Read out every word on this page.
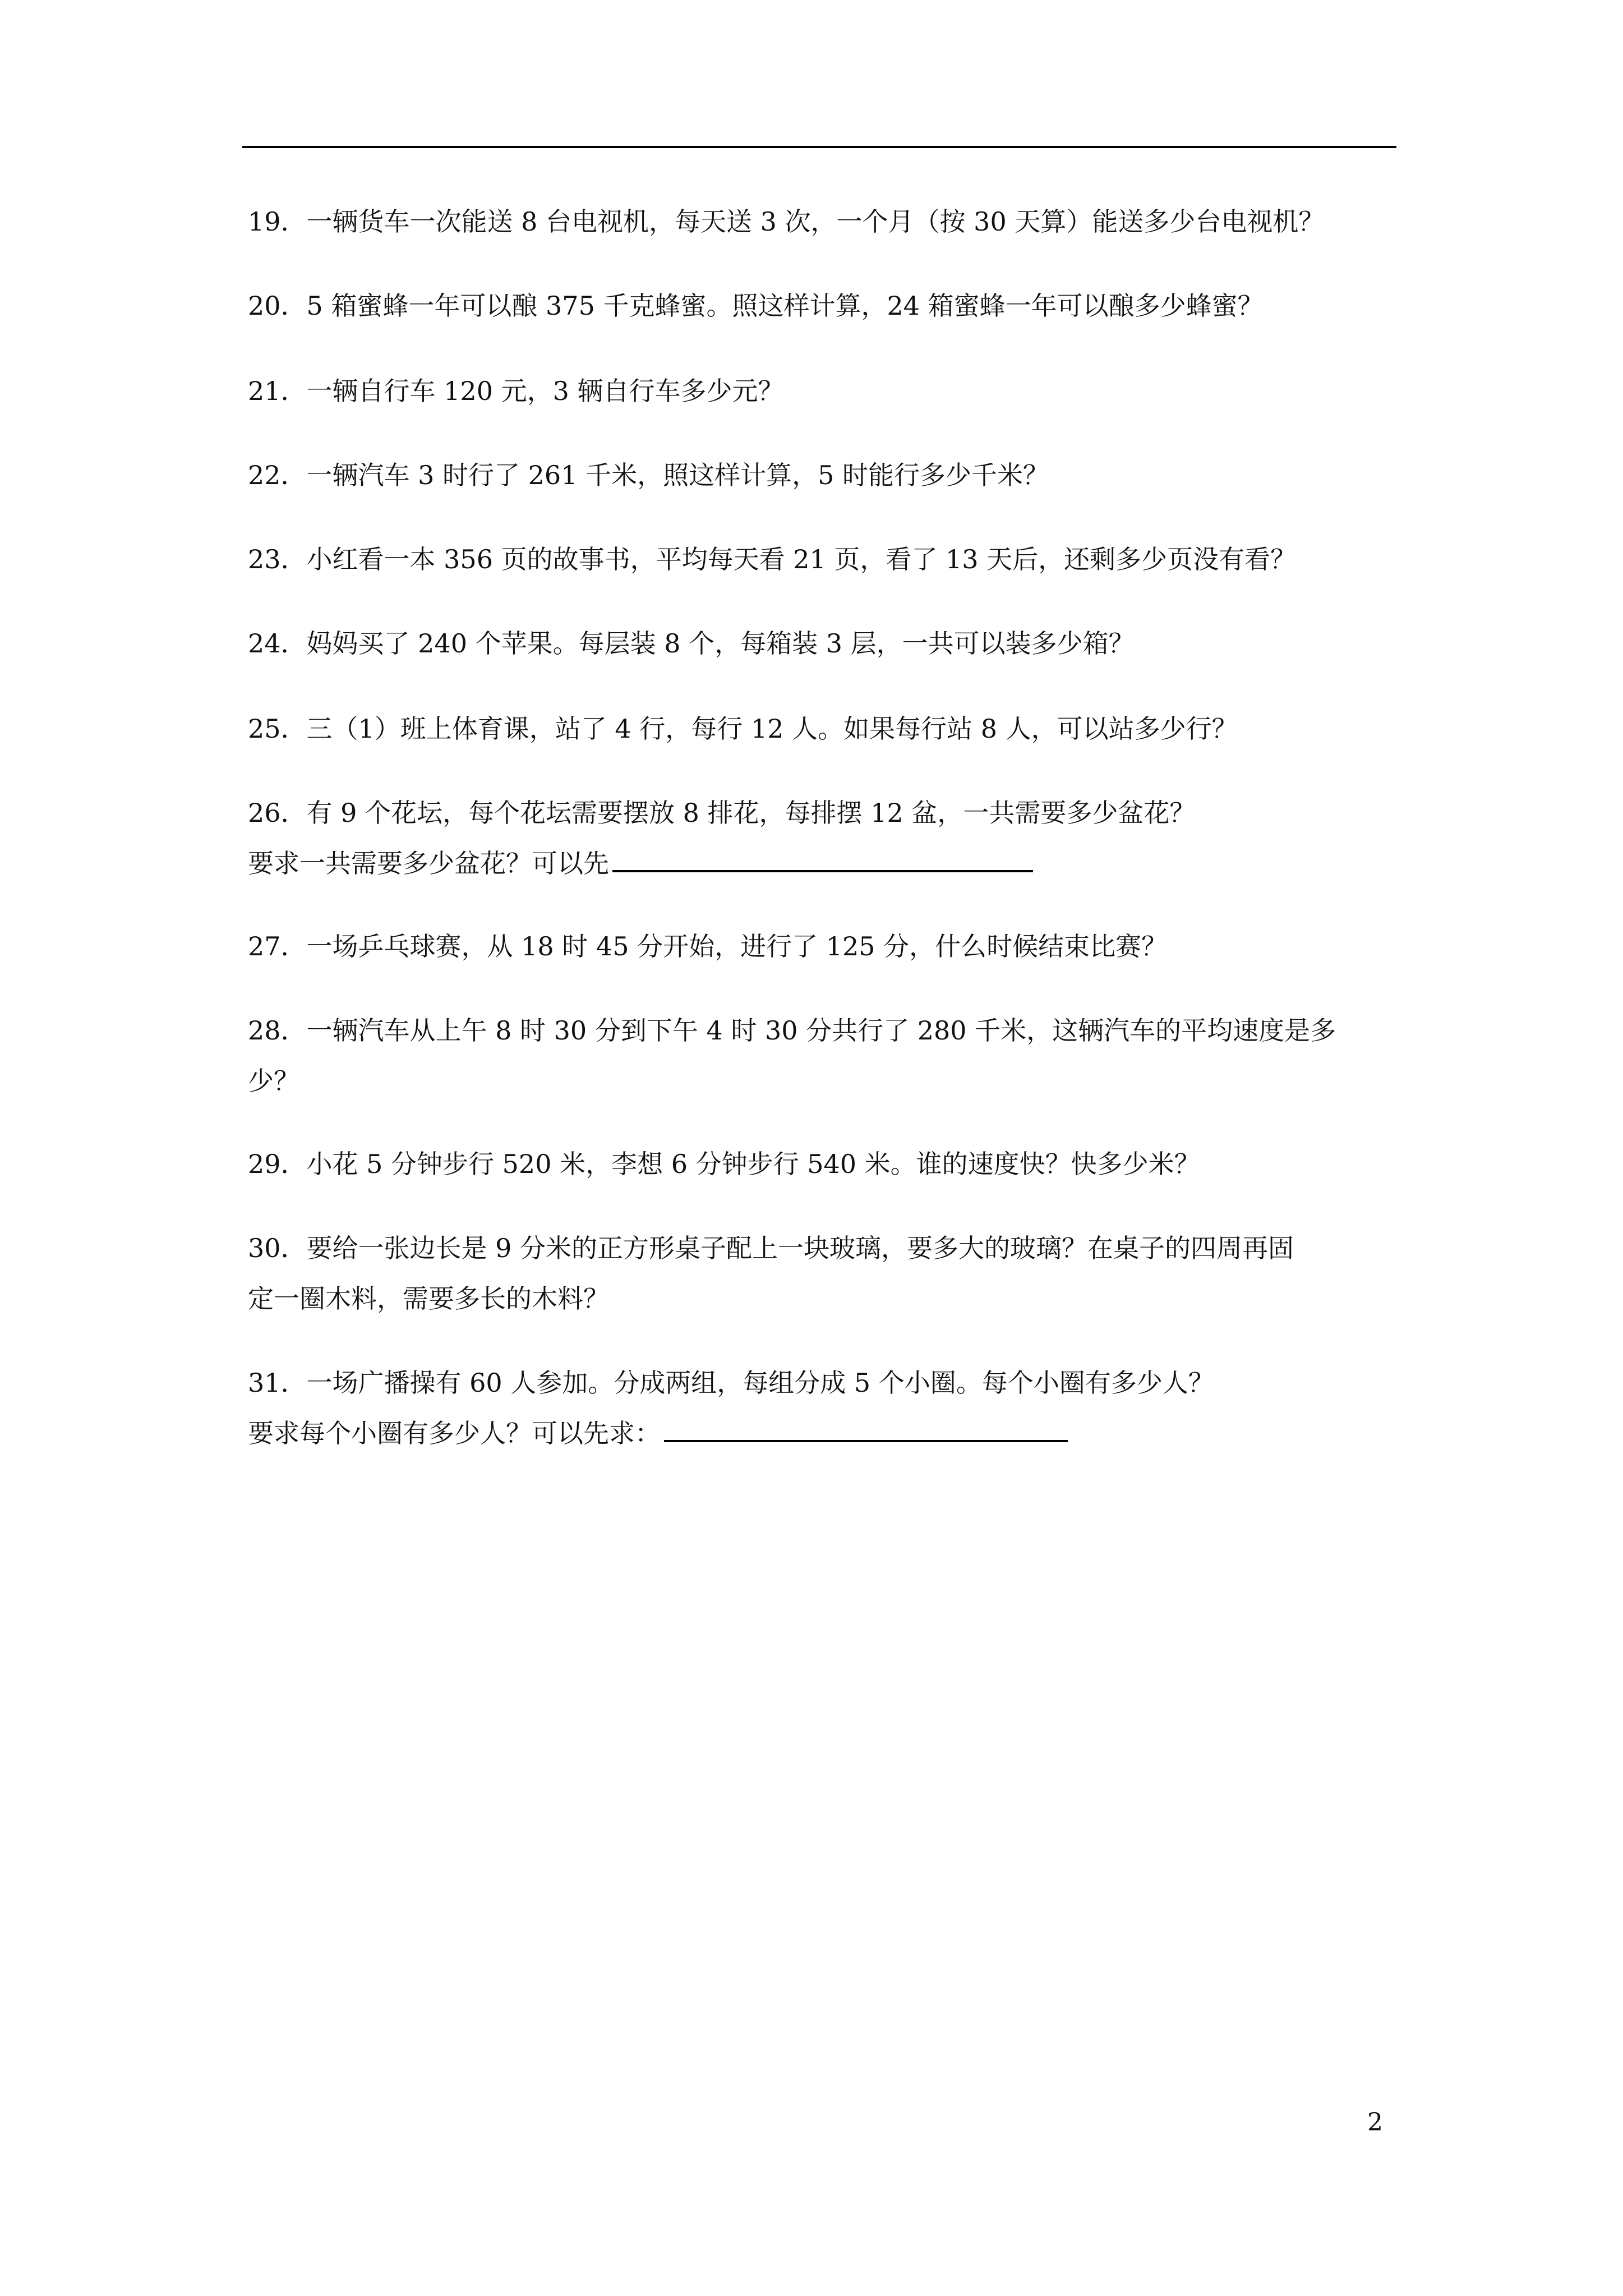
19．一辆货车一次能送 8 台电视机，每天送 3 次，一个月（按 30 天算）能送多少台电视机？
20．5 箱蜜蜂一年可以酿 375 千克蜂蜜。照这样计算，24 箱蜜蜂一年可以酿多少蜂蜜？
21．一辆自行车 120 元，3 辆自行车多少元？
22．一辆汽车 3 时行了 261 千米，照这样计算，5 时能行多少千米？
23．小红看一本 356 页的故事书，平均每天看 21 页，看了 13 天后，还剩多少页没有看？
24．妈妈买了 240 个苹果。每层装 8 个，每箱装 3 层，一共可以装多少箱？
25．三（1）班上体育课，站了 4 行，每行 12 人。如果每行站 8 人，可以站多少行？
26．有 9 个花坛，每个花坛需要摆放 8 排花，每排摆 12 盆，一共需要多少盆花？
要求一共需要多少盆花？可以先
27．一场乒乓球赛，从 18 时 45 分开始，进行了 125 分，什么时候结束比赛？
28．一辆汽车从上午 8 时 30 分到下午 4 时 30 分共行了 280 千米，这辆汽车的平均速度是多
少？
29．小花 5 分钟步行 520 米，李想 6 分钟步行 540 米。谁的速度快？快多少米？
30．要给一张边长是 9 分米的正方形桌子配上一块玻璃，要多大的玻璃？在桌子的四周再固
定一圈木料，需要多长的木料？
31．一场广播操有 60 人参加。分成两组，每组分成 5 个小圈。每个小圈有多少人？
要求每个小圈有多少人？可以先求：
2
